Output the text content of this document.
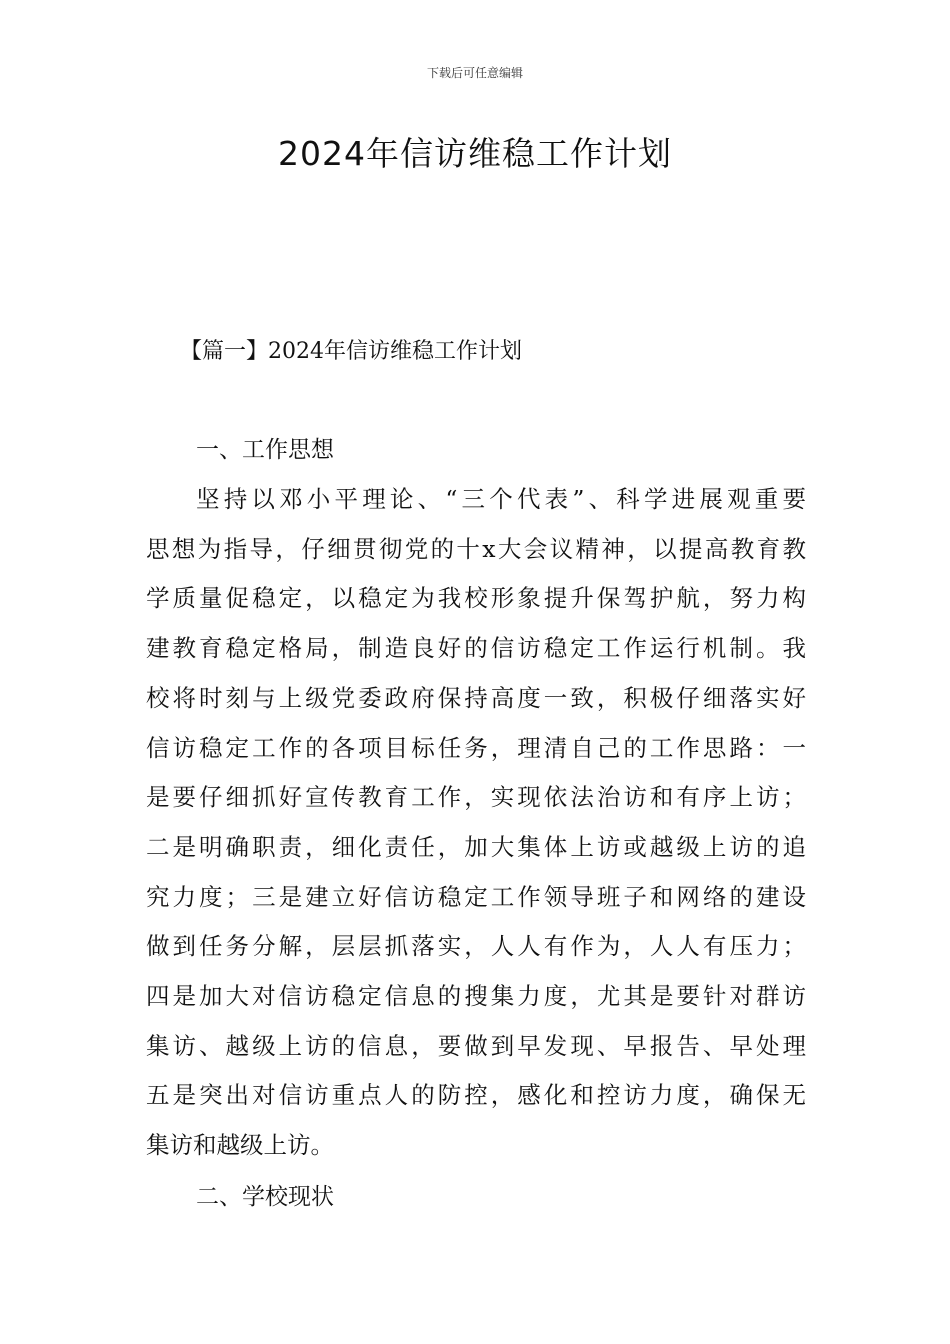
下载后可任意编辑
2024年信访维稳工作计划
【篇一】2024年信访维稳工作计划
一、工作思想
坚持以邓小平理论、“三个代表”、科学进展观重要
思想为指导，仔细贯彻党的十x大会议精神，以提高教育教
学质量促稳定，以稳定为我校形象提升保驾护航，努力构
建教育稳定格局，制造良好的信访稳定工作运行机制。我
校将时刻与上级党委政府保持高度一致，积极仔细落实好
信访稳定工作的各项目标任务，理清自己的工作思路：一
是要仔细抓好宣传教育工作，实现依法治访和有序上访；
二是明确职责，细化责任，加大集体上访或越级上访的追
究力度；三是建立好信访稳定工作领导班子和网络的建设
做到任务分解，层层抓落实，人人有作为，人人有压力；
四是加大对信访稳定信息的搜集力度，尤其是要针对群访
集访、越级上访的信息，要做到早发现、早报告、早处理
五是突出对信访重点人的防控，感化和控访力度，确保无
集访和越级上访。
二、学校现状
